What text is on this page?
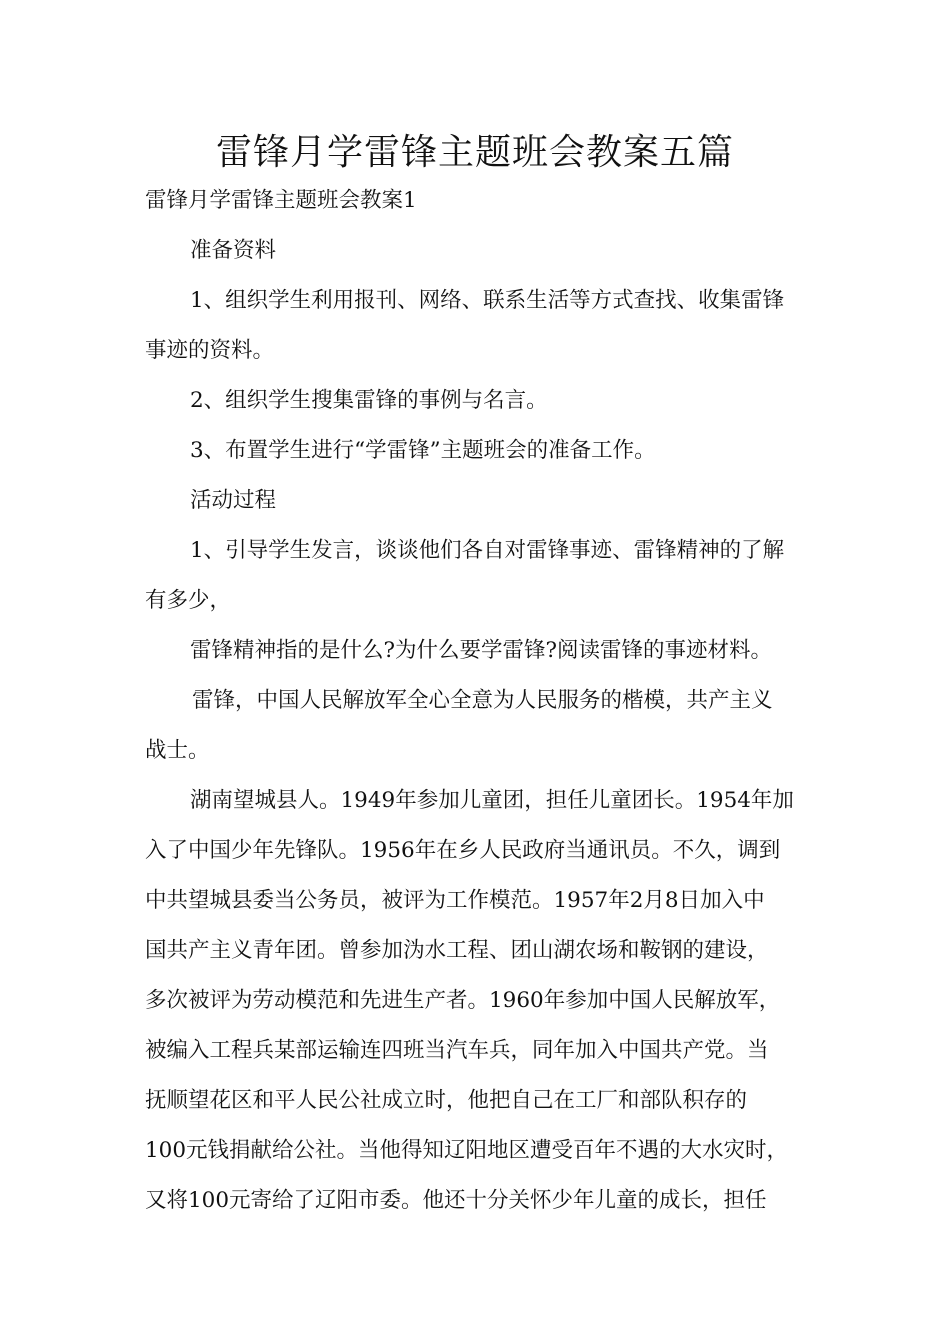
雷锋月学雷锋主题班会教案五篇
雷锋月学雷锋主题班会教案1
准备资料
1、组织学生利用报刊、网络、联系生活等方式查找、收集雷锋
事迹的资料。
2、组织学生搜集雷锋的事例与名言。
3、布置学生进行“学雷锋”主题班会的准备工作。
活动过程
1、引导学生发言，谈谈他们各自对雷锋事迹、雷锋精神的了解
有多少，
雷锋精神指的是什么?为什么要学雷锋?阅读雷锋的事迹材料。
雷锋，中国人民解放军全心全意为人民服务的楷模，共产主义
战士。
湖南望城县人。1949年参加儿童团，担任儿童团长。1954年加
入了中国少年先锋队。1956年在乡人民政府当通讯员。不久，调到
中共望城县委当公务员，被评为工作模范。1957年2月8日加入中
国共产主义青年团。曾参加沩水工程、团山湖农场和鞍钢的建设，
多次被评为劳动模范和先进生产者。1960年参加中国人民解放军，
被编入工程兵某部运输连四班当汽车兵，同年加入中国共产党。当
抚顺望花区和平人民公社成立时，他把自己在工厂和部队积存的
100元钱捐献给公社。当他得知辽阳地区遭受百年不遇的大水灾时，
又将100元寄给了辽阳市委。他还十分关怀少年儿童的成长，担任
